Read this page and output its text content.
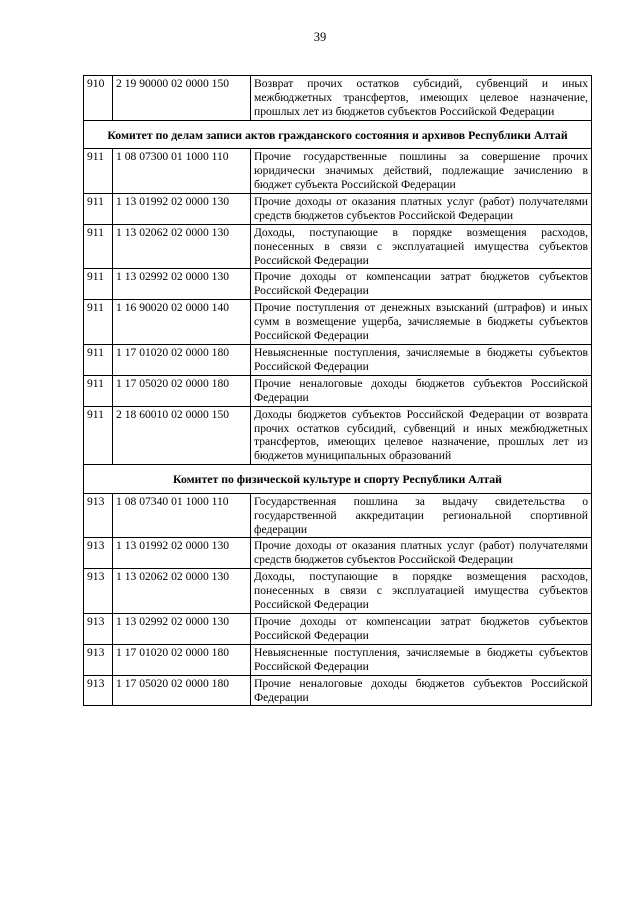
39
910	2 19 90000 02 0000 150	Возврат прочих остатков субсидий, субвенций и иных межбюджетных трансфертов, имеющих целевое назначение, прошлых лет из бюджетов субъектов Российской Федерации
Комитет по делам записи актов гражданского состояния и архивов Республики Алтай		
911	1 08 07300 01 1000 110	Прочие государственные пошлины за совершение прочих юридически значимых действий, подлежащие зачислению в бюджет субъекта Российской Федерации
911	1 13 01992 02 0000 130	Прочие доходы от оказания платных услуг (работ) получателями средств бюджетов субъектов Российской Федерации
911	1 13 02062 02 0000 130	Доходы, поступающие в порядке возмещения расходов, понесенных в связи с эксплуатацией имущества субъектов Российской Федерации
911	1 13 02992 02 0000 130	Прочие доходы от компенсации затрат бюджетов субъектов Российской Федерации
911	1 16 90020 02 0000 140	Прочие поступления от денежных взысканий (штрафов) и иных сумм в возмещение ущерба, зачисляемые в бюджеты субъектов Российской Федерации
911	1 17 01020 02 0000 180	Невыясненные поступления, зачисляемые в бюджеты субъектов Российской Федерации
911	1 17 05020 02 0000 180	Прочие неналоговые доходы бюджетов субъектов Российской Федерации
911	2 18 60010 02 0000 150	Доходы бюджетов субъектов Российской Федерации от возврата прочих остатков субсидий, субвенций и иных межбюджетных трансфертов, имеющих целевое назначение, прошлых лет из бюджетов муниципальных образований
Комитет по физической культуре и спорту Республики Алтай		
913	1 08 07340 01 1000 110	Государственная пошлина за выдачу свидетельства о государственной аккредитации региональной спортивной федерации
913	1 13 01992 02 0000 130	Прочие доходы от оказания платных услуг (работ) получателями средств бюджетов субъектов Российской Федерации
913	1 13 02062 02 0000 130	Доходы, поступающие в порядке возмещения расходов, понесенных в связи с эксплуатацией имущества субъектов Российской Федерации
913	1 13 02992 02 0000 130	Прочие доходы от компенсации затрат бюджетов субъектов Российской Федерации
913	1 17 01020 02 0000 180	Невыясненные поступления, зачисляемые в бюджеты субъектов Российской Федерации
913	1 17 05020 02 0000 180	Прочие неналоговые доходы бюджетов субъектов Российской Федерации
